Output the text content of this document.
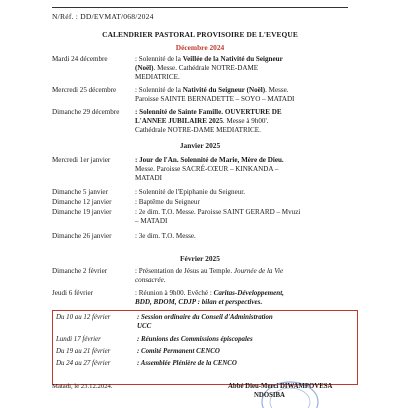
N/Réf. : DD/EVMAT/068/2024
CALENDRIER PASTORAL PROVISOIRE DE L'EVEQUE
Décembre 2024
Mardi 24 décembre	: Solennité de la Veillée de la Nativité du Seigneur
(Noël). Messe. Cathédrale NOTRE-DAME
MEDIATRICE.
Mercredi 25 décembre	: Solennité de la Nativité du Seigneur (Noël). Messe.
Paroisse SAINTE BERNADETTE – SOYO – MATADI
Dimanche 29 décembre : Solennité de Sainte Famille. OUVERTURE DE
L'ANNEE JUBILAIRE 2025. Messe à 9h00'.
Cathédrale NOTRE-DAME MEDIATRICE.
Janvier 2025
Mercredi 1er janvier	: Jour de l'An. Solennité de Marie, Mère de Dieu.
Messe. Paroisse SACRÉ-CŒUR – KINKANDA –
MATADI
Dimanche 5 janvier	: Solennité de l'Epiphanie du Seigneur.
Dimanche 12 janvier	: Baptême du Seigneur
Dimanche 19 janvier	: 2e dim. T.O. Messe. Paroisse SAINT GERARD – Mvuzi
– MATADI
Dimanche 26 janvier	: 3e dim. T.O. Messe.
Février 2025
Dimanche 2 février	: Présentation de Jésus au Temple. Journée de la Vie
consacrée.
Jeudi 6 février	: Réunion à 9h00. Evêché : Caritas-Développement,
BDD, BDOM, CDJP : bilan et perspectives.
Du 10 au 12 février	: Session ordinaire du Conseil d'Administration
UCC
Lundi 17 février	: Réunions des Commissions épiscopales
Du 19 au 21 février	: Comité Permanent CENCO
Du 24 au 27 février	: Assemblée Plénière de la CENCO
Matadi, le 23.12.2024.	Abbé Dieu-Merci DIWAMPOVESA
NDOSIBA
